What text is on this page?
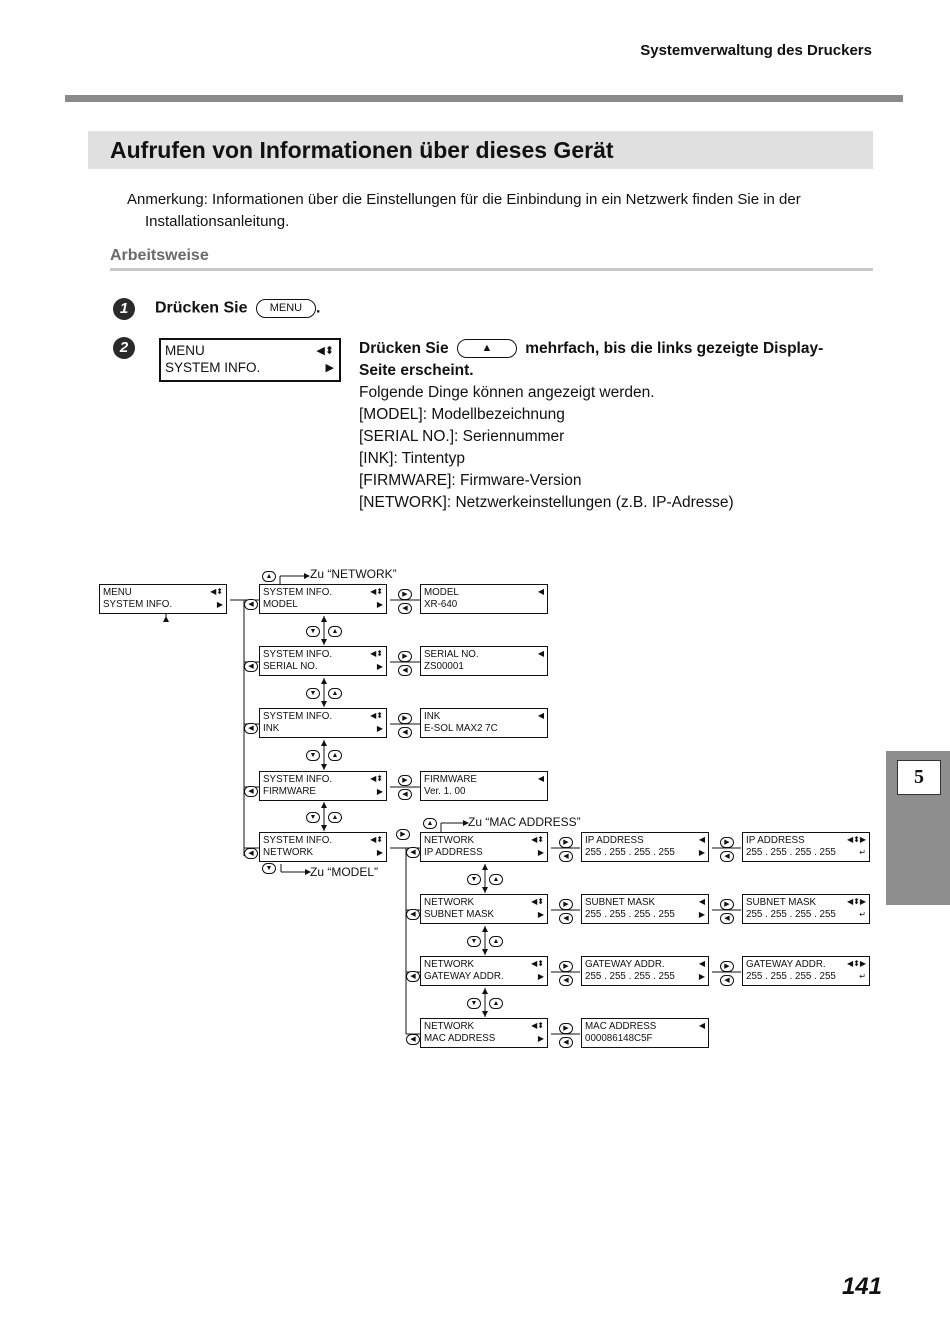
Systemverwaltung des Druckers
Aufrufen von Informationen über dieses Gerät
Anmerkung: Informationen über die Einstellungen für die Einbindung in ein Netzwerk finden Sie in der
Installationsanleitung.
Arbeitsweise
1	Drücken Sie MENU .
2	MENU	◀⬍
SYSTEM INFO.	▶
Drücken Sie	▲ mehrfach, bis die links gezeigte Display-
Seite erscheint.
Folgende Dinge können angezeigt werden.
[MODEL]: Modellbezeichnung
[SERIAL NO.]: Seriennummer
[INK]: Tintentyp
[FIRMWARE]: Firmware-Version
[NETWORK]: Netzwerkeinstellungen (z.B. IP-Adresse)
Zu “NETWORK”
Zu “MODEL”
Zu “MAC ADDRESS”
▲
◀
▶
◀
▼	▲
◀
▶
◀
▼	▲
◀
▶
◀
▼	▲
◀
▶
◀
▼	▲
◀
▼
▶
◀
▲
▼	▲
◀
▼	▲
◀
▼	▲
◀
▶
◀
▶
◀
▶
◀
▶
◀
▶
◀
▶
◀
▶
◀
MENU	◀⬍
SYSTEM INFO.	▶
SYSTEM INFO.	◀⬍
MODEL	▶
SYSTEM INFO.	◀⬍
SERIAL NO.	▶
SYSTEM INFO.	◀⬍
INK	▶
SYSTEM INFO.	◀⬍
FIRMWARE	▶
SYSTEM INFO.	◀⬍
NETWORK	▶
MODEL	◀
XR-640
SERIAL NO.	◀
ZS00001
INK	◀
E-SOL MAX2 7C
FIRMWARE	◀
Ver. 1. 00
NETWORK	◀⬍
IP ADDRESS	▶
NETWORK	◀⬍
SUBNET MASK	▶
NETWORK	◀⬍
GATEWAY ADDR.	▶
NETWORK	◀⬍
MAC ADDRESS	▶
IP ADDRESS	◀
255 . 255 . 255 . 255	▶
SUBNET MASK	◀
255 . 255 . 255 . 255	▶
GATEWAY ADDR.	◀
255 . 255 . 255 . 255	▶
MAC ADDRESS	◀
000086148C5F
IP ADDRESS	◀⬍▶
255 . 255 . 255 . 255	↵
SUBNET MASK	◀⬍▶
255 . 255 . 255 . 255	↵
GATEWAY ADDR.	◀⬍▶
255 . 255 . 255 . 255	↵
5
141
